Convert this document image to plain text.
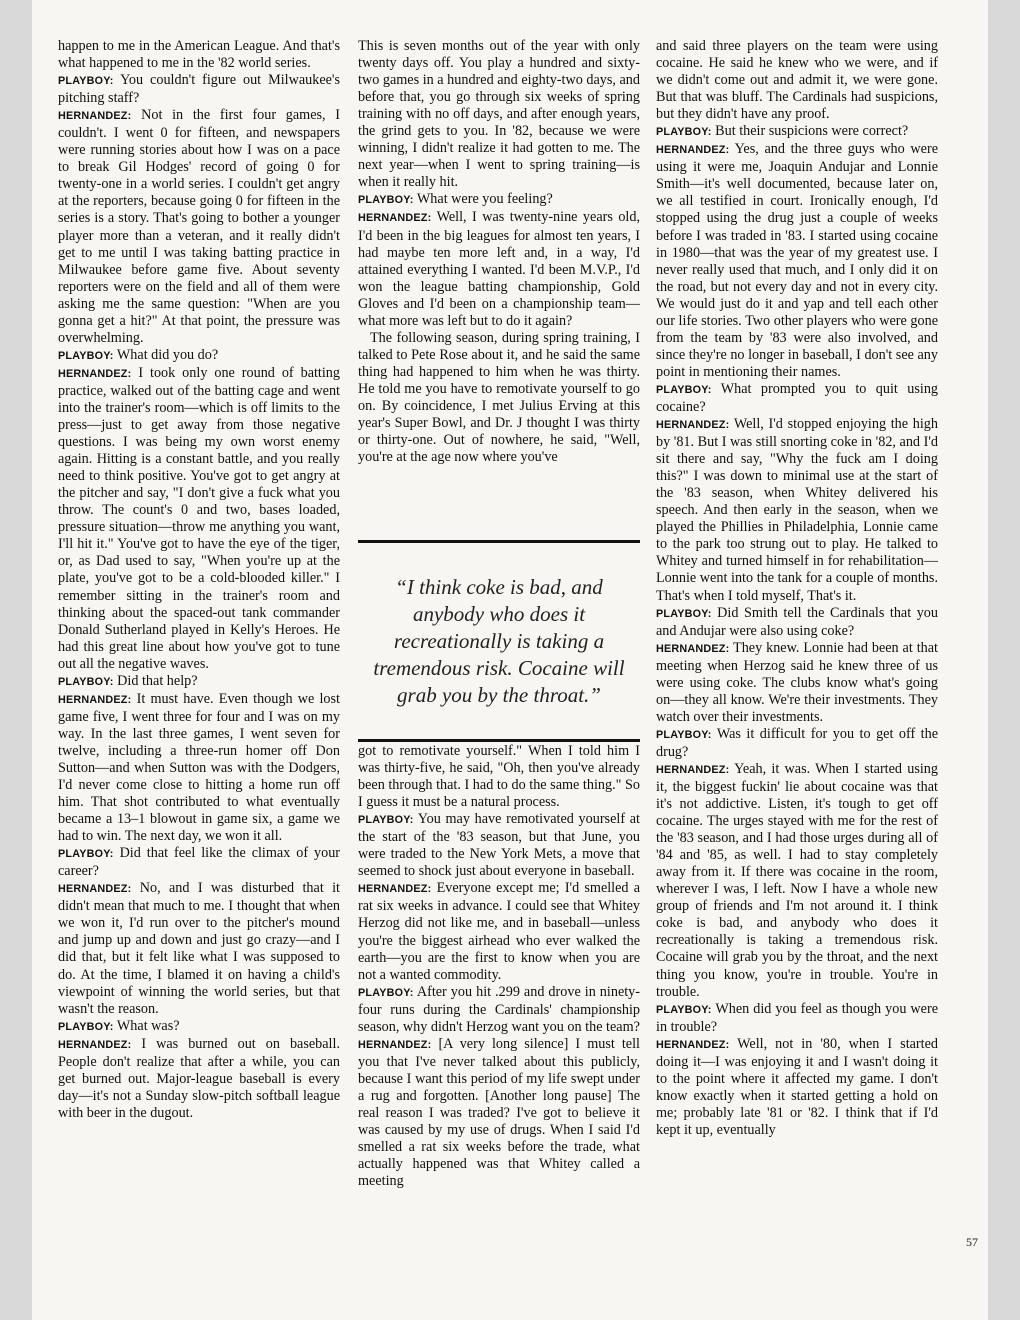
happen to me in the American League. And that's what happened to me in the '82 world series.

PLAYBOY: You couldn't figure out Milwaukee's pitching staff?

HERNANDEZ: Not in the first four games, I couldn't. I went 0 for fifteen, and newspapers were running stories about how I was on a pace to break Gil Hodges' record of going 0 for twenty-one in a world series. I couldn't get angry at the reporters, because going 0 for fifteen in the series is a story. That's going to bother a younger player more than a veteran, and it really didn't get to me until I was taking batting practice in Milwaukee before game five. About seventy reporters were on the field and all of them were asking me the same question: "When are you gonna get a hit?" At that point, the pressure was overwhelming.

PLAYBOY: What did you do?

HERNANDEZ: I took only one round of batting practice, walked out of the batting cage and went into the trainer's room—which is off limits to the press—just to get away from those negative questions. I was being my own worst enemy again. Hitting is a constant battle, and you really need to think positive. You've got to get angry at the pitcher and say, "I don't give a fuck what you throw. The count's 0 and two, bases loaded, pressure situation—throw me anything you want, I'll hit it." You've got to have the eye of the tiger, or, as Dad used to say, "When you're up at the plate, you've got to be a cold-blooded killer." I remember sitting in the trainer's room and thinking about the spaced-out tank commander Donald Sutherland played in Kelly's Heroes. He had this great line about how you've got to tune out all the negative waves.

PLAYBOY: Did that help?

HERNANDEZ: It must have. Even though we lost game five, I went three for four and I was on my way. In the last three games, I went seven for twelve, including a three-run homer off Don Sutton—and when Sutton was with the Dodgers, I'd never come close to hitting a home run off him. That shot contributed to what eventually became a 13–1 blowout in game six, a game we had to win. The next day, we won it all.

PLAYBOY: Did that feel like the climax of your career?

HERNANDEZ: No, and I was disturbed that it didn't mean that much to me. I thought that when we won it, I'd run over to the pitcher's mound and jump up and down and just go crazy—and I did that, but it felt like what I was supposed to do. At the time, I blamed it on having a child's viewpoint of winning the world series, but that wasn't the reason.

PLAYBOY: What was?

HERNANDEZ: I was burned out on baseball. People don't realize that after a while, you can get burned out. Major-league baseball is every day—it's not a Sunday slow-pitch softball league with beer in the dugout.

This is seven months out of the year with only twenty days off. You play a hundred and sixty-two games in a hundred and eighty-two days, and before that, you go through six weeks of spring training with no off days, and after enough years, the grind gets to you. In '82, because we were winning, I didn't realize it had gotten to me. The next year—when I went to spring training—is when it really hit.

PLAYBOY: What were you feeling?

HERNANDEZ: Well, I was twenty-nine years old, I'd been in the big leagues for almost ten years, I had maybe ten more left and, in a way, I'd attained everything I wanted. I'd been M.V.P., I'd won the league batting championship, Gold Gloves and I'd been on a championship team—what more was left but to do it again?

The following season, during spring training, I talked to Pete Rose about it, and he said the same thing had happened to him when he was thirty. He told me you have to remotivate yourself to go on. By coincidence, I met Julius Erving at this year's Super Bowl, and Dr. J thought I was thirty or thirty-one. Out of nowhere, he said, "Well, you're at the age now where you've

“I think coke is bad, and anybody who does it recreationally is taking a tremendous risk. Cocaine will grab you by the throat.”

got to remotivate yourself." When I told him I was thirty-five, he said, "Oh, then you've already been through that. I had to do the same thing." So I guess it must be a natural process.

PLAYBOY: You may have remotivated yourself at the start of the '83 season, but that June, you were traded to the New York Mets, a move that seemed to shock just about everyone in baseball.

HERNANDEZ: Everyone except me; I'd smelled a rat six weeks in advance. I could see that Whitey Herzog did not like me, and in baseball—unless you're the biggest airhead who ever walked the earth—you are the first to know when you are not a wanted commodity.

PLAYBOY: After you hit .299 and drove in ninety-four runs during the Cardinals' championship season, why didn't Herzog want you on the team?

HERNANDEZ: [A very long silence] I must tell you that I've never talked about this publicly, because I want this period of my life swept under a rug and forgotten. [Another long pause] The real reason I was traded? I've got to believe it was caused by my use of drugs. When I said I'd smelled a rat six weeks before the trade, what actually happened was that Whitey called a meeting

and said three players on the team were using cocaine. He said he knew who we were, and if we didn't come out and admit it, we were gone. But that was bluff. The Cardinals had suspicions, but they didn't have any proof.

PLAYBOY: But their suspicions were correct?

HERNANDEZ: Yes, and the three guys who were using it were me, Joaquin Andujar and Lonnie Smith—it's well documented, because later on, we all testified in court. Ironically enough, I'd stopped using the drug just a couple of weeks before I was traded in '83. I started using cocaine in 1980—that was the year of my greatest use. I never really used that much, and I only did it on the road, but not every day and not in every city. We would just do it and yap and tell each other our life stories. Two other players who were gone from the team by '83 were also involved, and since they're no longer in baseball, I don't see any point in mentioning their names.

PLAYBOY: What prompted you to quit using cocaine?

HERNANDEZ: Well, I'd stopped enjoying the high by '81. But I was still snorting coke in '82, and I'd sit there and say, "Why the fuck am I doing this?" I was down to minimal use at the start of the '83 season, when Whitey delivered his speech. And then early in the season, when we played the Phillies in Philadelphia, Lonnie came to the park too strung out to play. He talked to Whitey and turned himself in for rehabilitation—Lonnie went into the tank for a couple of months. That's when I told myself, That's it.

PLAYBOY: Did Smith tell the Cardinals that you and Andujar were also using coke?

HERNANDEZ: They knew. Lonnie had been at that meeting when Herzog said he knew three of us were using coke. The clubs know what's going on—they all know. We're their investments. They watch over their investments.

PLAYBOY: Was it difficult for you to get off the drug?

HERNANDEZ: Yeah, it was. When I started using it, the biggest fuckin' lie about cocaine was that it's not addictive. Listen, it's tough to get off cocaine. The urges stayed with me for the rest of the '83 season, and I had those urges during all of '84 and '85, as well. I had to stay completely away from it. If there was cocaine in the room, wherever I was, I left. Now I have a whole new group of friends and I'm not around it. I think coke is bad, and anybody who does it recreationally is taking a tremendous risk. Cocaine will grab you by the throat, and the next thing you know, you're in trouble. You're in trouble.

PLAYBOY: When did you feel as though you were in trouble?

HERNANDEZ: Well, not in '80, when I started doing it—I was enjoying it and I wasn't doing it to the point where it affected my game. I don't know exactly when it started getting a hold on me; probably late '81 or '82. I think that if I'd kept it up, eventually

57
